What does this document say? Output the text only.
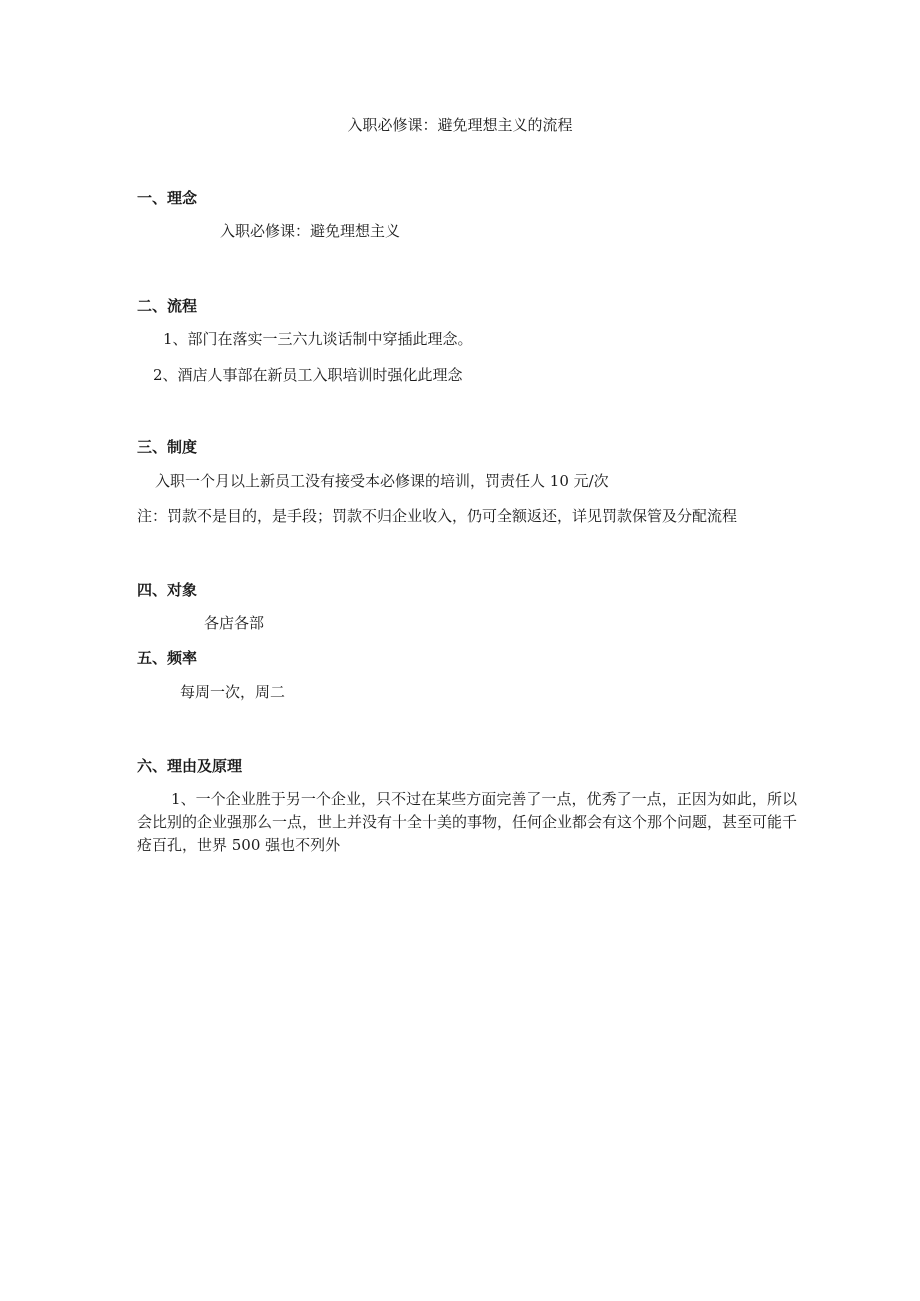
入职必修课：避免理想主义的流程

一、理念

入职必修课：避免理想主义

二、流程

1、部门在落实一三六九谈话制中穿插此理念。

2、酒店人事部在新员工入职培训时强化此理念

三、制度

入职一个月以上新员工没有接受本必修课的培训，罚责任人 10 元/次

注：罚款不是目的，是手段；罚款不归企业收入，仍可全额返还，详见罚款保管及分配流程

四、对象

各店各部

五、频率

每周一次，周二

六、理由及原理

1、一个企业胜于另一个企业，只不过在某些方面完善了一点，优秀了一点，正因为如此，所以会比别的企业强那么一点，世上并没有十全十美的事物，任何企业都会有这个那个问题，甚至可能千疮百孔，世界 500 强也不列外
